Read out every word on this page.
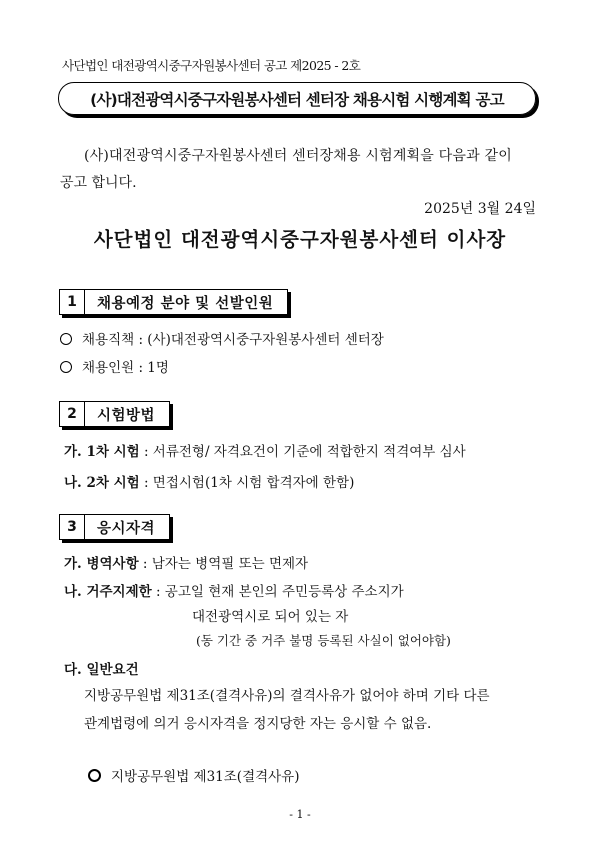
사단법인 대전광역시중구자원봉사센터 공고 제2025 - 2호
(사)대전광역시중구자원봉사센터 센터장 채용시험 시행계획 공고
(사)대전광역시중구자원봉사센터 센터장채용 시험계획을 다음과 같이
공고 합니다.
2025년 3월 24일
사단법인 대전광역시중구자원봉사센터 이사장
1	채용예정 분야 및 선발인원
채용직책 : (사)대전광역시중구자원봉사센터 센터장
채용인원 : 1명
2	시험방법
가. 1차 시험 : 서류전형/ 자격요건이 기준에 적합한지 적격여부 심사
나. 2차 시험 : 면접시험(1차 시험 합격자에 한함)
3	응시자격
가. 병역사항 : 남자는 병역필 또는 면제자
나. 거주지제한 : 공고일 현재 본인의 주민등록상 주소지가
대전광역시로 되어 있는 자
(동 기간 중 거주 불명 등록된 사실이 없어야함)
다. 일반요건
지방공무원법 제31조(결격사유)의 결격사유가 없어야 하며 기타 다른
관계법령에 의거 응시자격을 정지당한 자는 응시할 수 없음.
지방공무원법 제31조(결격사유)
- 1 -
